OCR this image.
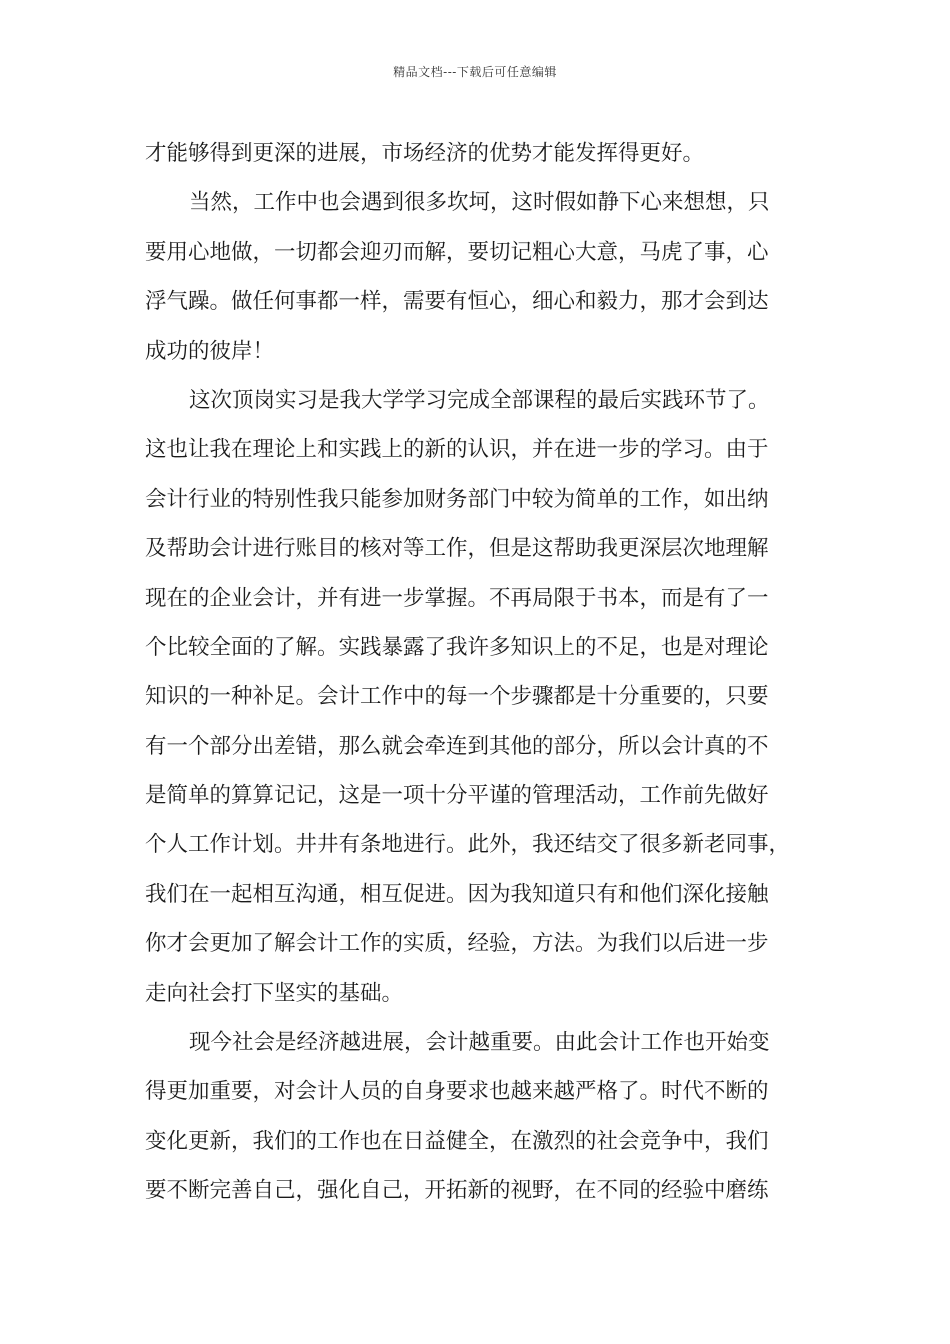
精品文档---下载后可任意编辑
才能够得到更深的进展，市场经济的优势才能发挥得更好。
当然，工作中也会遇到很多坎坷，这时假如静下心来想想，只
要用心地做，一切都会迎刃而解，要切记粗心大意，马虎了事，心
浮气躁。做任何事都一样，需要有恒心，细心和毅力，那才会到达
成功的彼岸！
这次顶岗实习是我大学学习完成全部课程的最后实践环节了。
这也让我在理论上和实践上的新的认识，并在进一步的学习。由于
会计行业的特别性我只能参加财务部门中较为简单的工作，如出纳
及帮助会计进行账目的核对等工作，但是这帮助我更深层次地理解
现在的企业会计，并有进一步掌握。不再局限于书本，而是有了一
个比较全面的了解。实践暴露了我许多知识上的不足，也是对理论
知识的一种补足。会计工作中的每一个步骤都是十分重要的，只要
有一个部分出差错，那么就会牵连到其他的部分，所以会计真的不
是简单的算算记记，这是一项十分平谨的管理活动，工作前先做好
个人工作计划。井井有条地进行。此外，我还结交了很多新老同事，
我们在一起相互沟通，相互促进。因为我知道只有和他们深化接触
你才会更加了解会计工作的实质，经验，方法。为我们以后进一步
走向社会打下坚实的基础。
现今社会是经济越进展，会计越重要。由此会计工作也开始变
得更加重要，对会计人员的自身要求也越来越严格了。时代不断的
变化更新，我们的工作也在日益健全，在激烈的社会竞争中，我们
要不断完善自己，强化自己，开拓新的视野，在不同的经验中磨练
